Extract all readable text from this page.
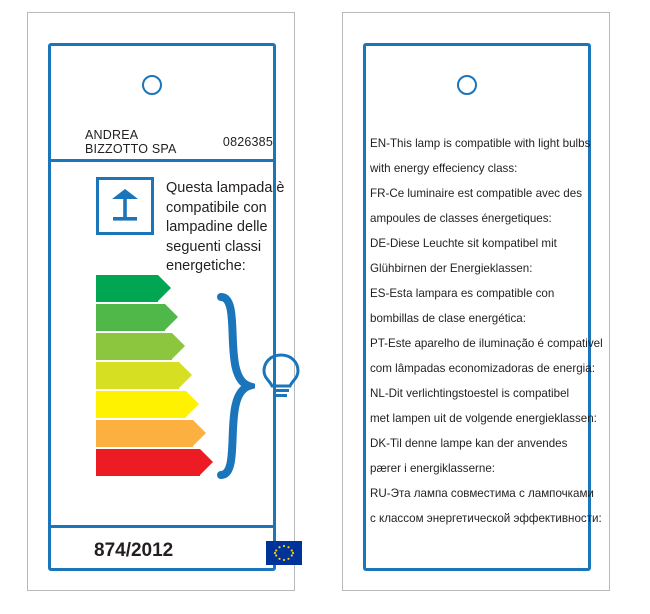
ANDREA BIZZOTTO SPA	0826385
Questa lampada è compatibile con lampadine delle seguenti classi energetiche:
A ++
A +
A
B
C
D
E
874/2012
EN-This lamp is compatible with light bulbs
with energy effeciency class:
FR-Ce luminaire est compatible avec des
ampoules de classes énergetiques:
DE-Diese Leuchte sit kompatibel mit
Glühbirnen der Energieklassen:
ES-Esta lampara es compatible con
bombillas de clase energética:
PT-Este aparelho de iluminação é compativel
com lâmpadas economizadoras de energia:
NL-Dit verlichtingstoestel is compatibel
met lampen uit de volgende energieklassen:
DK-Til denne lampe kan der anvendes
pærer i energiklasserne:
RU-Эта лампа совместима с лампочками
с классом энергетической эффективности:
